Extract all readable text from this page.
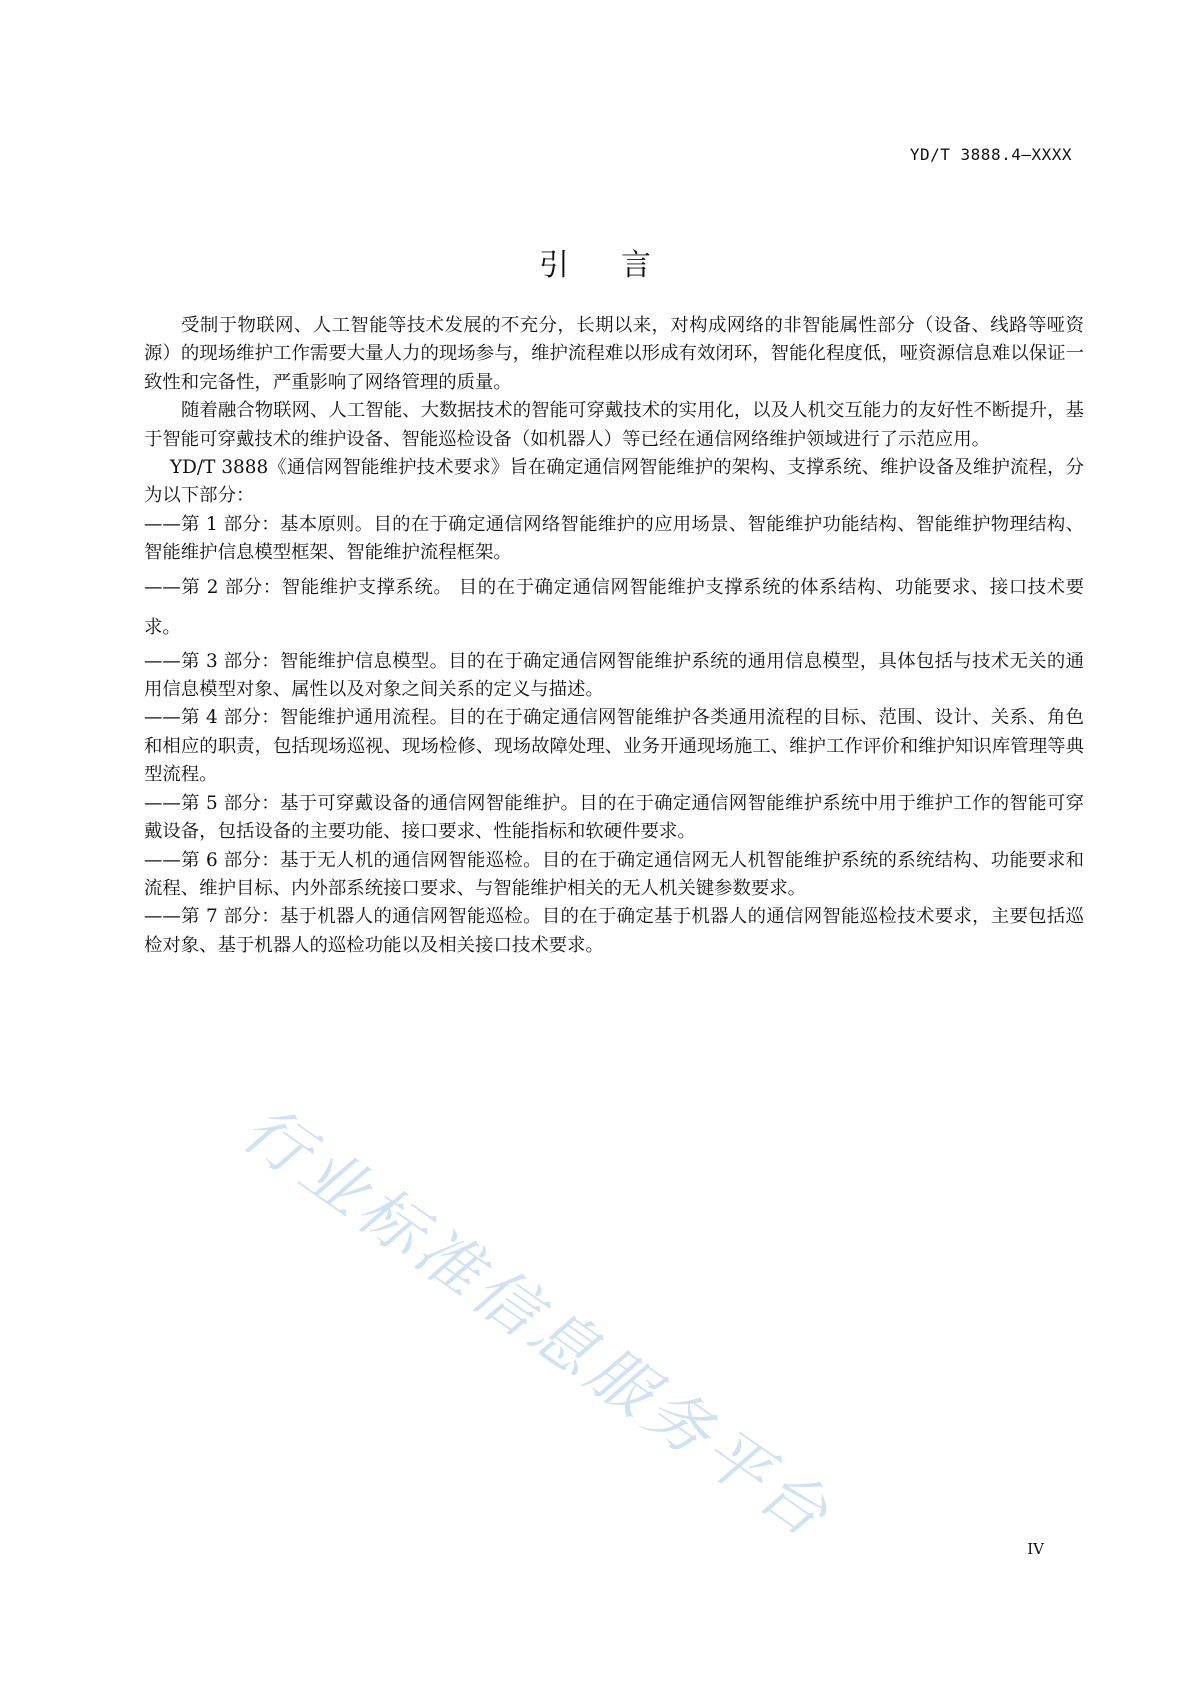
YD/T 3888.4—XXXX
引言

受制于物联网、人工智能等技术发展的不充分，长期以来，对构成网络的非智能属性部分（设备、线路等哑资源）的现场维护工作需要大量人力的现场参与，维护流程难以形成有效闭环，智能化程度低，哑资源信息难以保证一致性和完备性，严重影响了网络管理的质量。

随着融合物联网、人工智能、大数据技术的智能可穿戴技术的实用化，以及人机交互能力的友好性不断提升，基于智能可穿戴技术的维护设备、智能巡检设备（如机器人）等已经在通信网络维护领域进行了示范应用。

YD/T 3888《通信网智能维护技术要求》旨在确定通信网智能维护的架构、支撑系统、维护设备及维护流程，分为以下部分：

——第 1 部分：基本原则。目的在于确定通信网络智能维护的应用场景、智能维护功能结构、智能维护物理结构、智能维护信息模型框架、智能维护流程框架。

——第 2 部分：智能维护支撑系统。 目的在于确定通信网智能维护支撑系统的体系结构、功能要求、接口技术要求。

——第 3 部分：智能维护信息模型。目的在于确定通信网智能维护系统的通用信息模型，具体包括与技术无关的通用信息模型对象、属性以及对象之间关系的定义与描述。

——第 4 部分：智能维护通用流程。目的在于确定通信网智能维护各类通用流程的目标、范围、设计、关系、角色和相应的职责，包括现场巡视、现场检修、现场故障处理、业务开通现场施工、维护工作评价和维护知识库管理等典型流程。

——第 5 部分：基于可穿戴设备的通信网智能维护。目的在于确定通信网智能维护系统中用于维护工作的智能可穿戴设备，包括设备的主要功能、接口要求、性能指标和软硬件要求。

——第 6 部分：基于无人机的通信网智能巡检。目的在于确定通信网无人机智能维护系统的系统结构、功能要求和流程、维护目标、内外部系统接口要求、与智能维护相关的无人机关键参数要求。

——第 7 部分：基于机器人的通信网智能巡检。目的在于确定基于机器人的通信网智能巡检技术要求，主要包括巡检对象、基于机器人的巡检功能以及相关接口技术要求。

行业标准信息服务平台	IV
